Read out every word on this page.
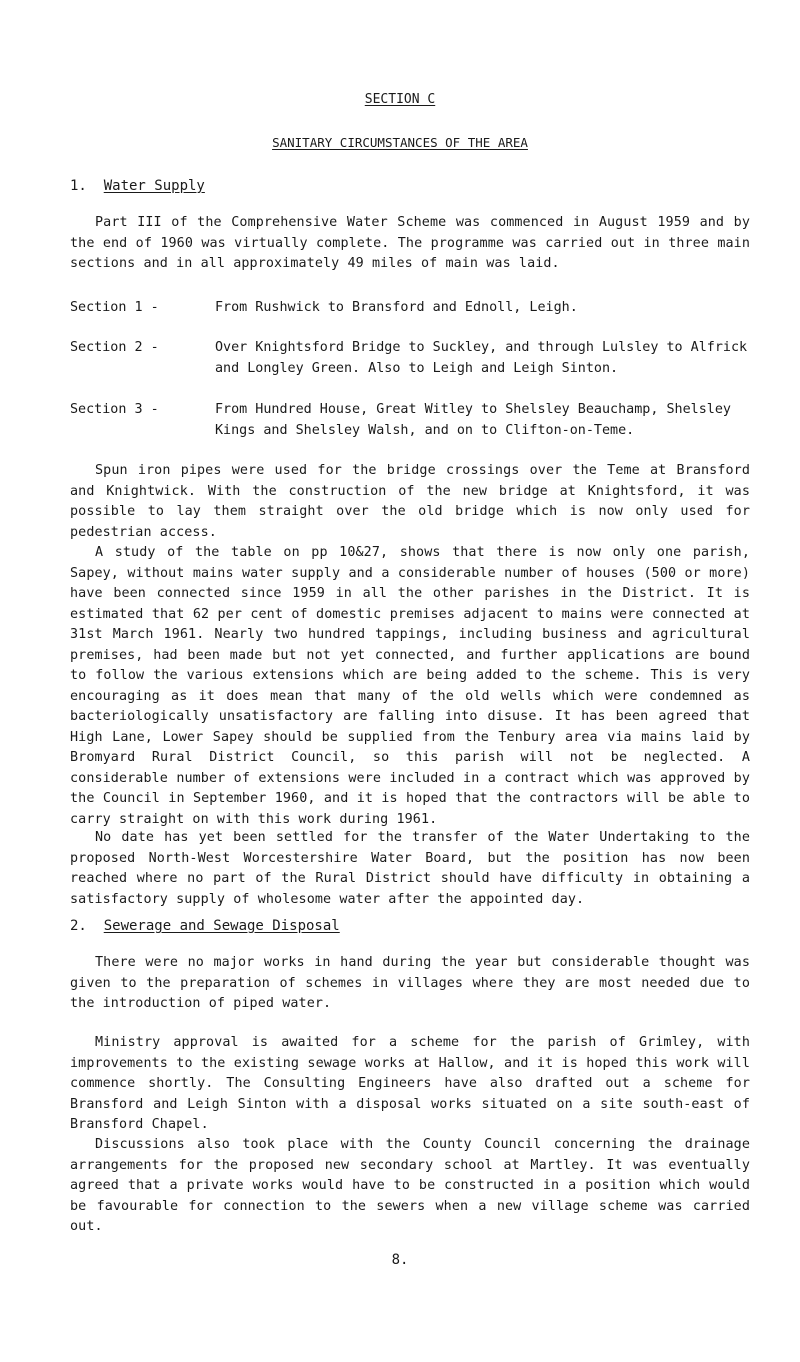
SECTION C
SANITARY CIRCUMSTANCES OF THE AREA
1. Water Supply

Part III of the Comprehensive Water Scheme was commenced in August 1959 and by the end of 1960 was virtually complete. The programme was carried out in three main sections and in all approximately 49 miles of main was laid.

Section 1 -	From Rushwick to Bransford and Ednoll, Leigh.
Section 2 -	Over Knightsford Bridge to Suckley, and through Lulsley to Alfrick and Longley Green. Also to Leigh and Leigh Sinton.
Section 3 -	From Hundred House, Great Witley to Shelsley Beauchamp, Shelsley Kings and Shelsley Walsh, and on to Clifton-on-Teme.

Spun iron pipes were used for the bridge crossings over the Teme at Bransford and Knightwick. With the construction of the new bridge at Knightsford, it was possible to lay them straight over the old bridge which is now only used for pedestrian access.

A study of the table on pp 10&27, shows that there is now only one parish, Sapey, without mains water supply and a considerable number of houses (500 or more) have been connected since 1959 in all the other parishes in the District. It is estimated that 62 per cent of domestic premises adjacent to mains were connected at 31st March 1961. Nearly two hundred tappings, including business and agricultural premises, had been made but not yet connected, and further applications are bound to follow the various extensions which are being added to the scheme. This is very encouraging as it does mean that many of the old wells which were condemned as bacteriologically unsatisfactory are falling into disuse. It has been agreed that High Lane, Lower Sapey should be supplied from the Tenbury area via mains laid by Bromyard Rural District Council, so this parish will not be neglected. A considerable number of extensions were included in a contract which was approved by the Council in September 1960, and it is hoped that the contractors will be able to carry straight on with this work during 1961.

No date has yet been settled for the transfer of the Water Undertaking to the proposed North-West Worcestershire Water Board, but the position has now been reached where no part of the Rural District should have difficulty in obtaining a satisfactory supply of wholesome water after the appointed day.

2. Sewerage and Sewage Disposal

There were no major works in hand during the year but considerable thought was given to the preparation of schemes in villages where they are most needed due to the introduction of piped water.

Ministry approval is awaited for a scheme for the parish of Grimley, with improvements to the existing sewage works at Hallow, and it is hoped this work will commence shortly. The Consulting Engineers have also drafted out a scheme for Bransford and Leigh Sinton with a disposal works situated on a site south-east of Bransford Chapel.

Discussions also took place with the County Council concerning the drainage arrangements for the proposed new secondary school at Martley. It was eventually agreed that a private works would have to be constructed in a position which would be favourable for connection to the sewers when a new village scheme was carried out.

8.
